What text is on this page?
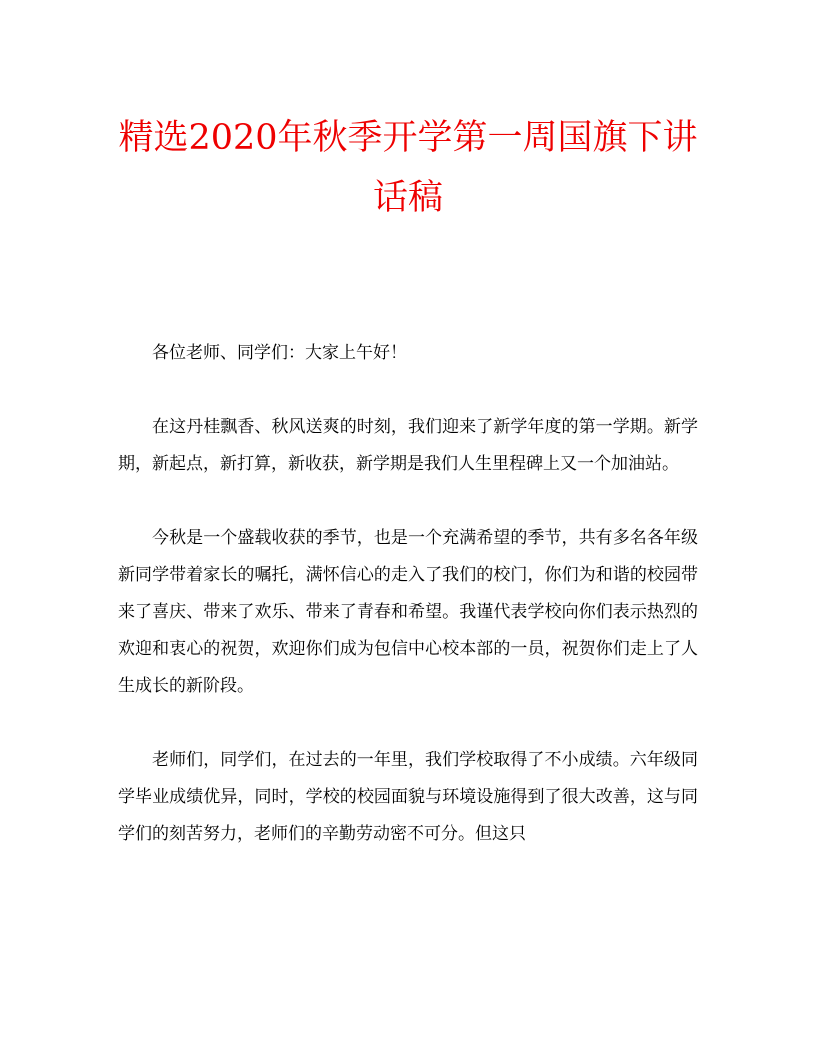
精选2020年秋季开学第一周国旗下讲话稿

各位老师、同学们：大家上午好！

在这丹桂飘香、秋风送爽的时刻，我们迎来了新学年度的第一学期。新学期，新起点，新打算，新收获，新学期是我们人生里程碑上又一个加油站。

今秋是一个盛载收获的季节，也是一个充满希望的季节，共有多名各年级新同学带着家长的嘱托，满怀信心的走入了我们的校门，你们为和谐的校园带来了喜庆、带来了欢乐、带来了青春和希望。我谨代表学校向你们表示热烈的欢迎和衷心的祝贺，欢迎你们成为包信中心校本部的一员，祝贺你们走上了人生成长的新阶段。

老师们，同学们，在过去的一年里，我们学校取得了不小成绩。六年级同学毕业成绩优异，同时，学校的校园面貌与环境设施得到了很大改善，这与同学们的刻苦努力，老师们的辛勤劳动密不可分。但这只
